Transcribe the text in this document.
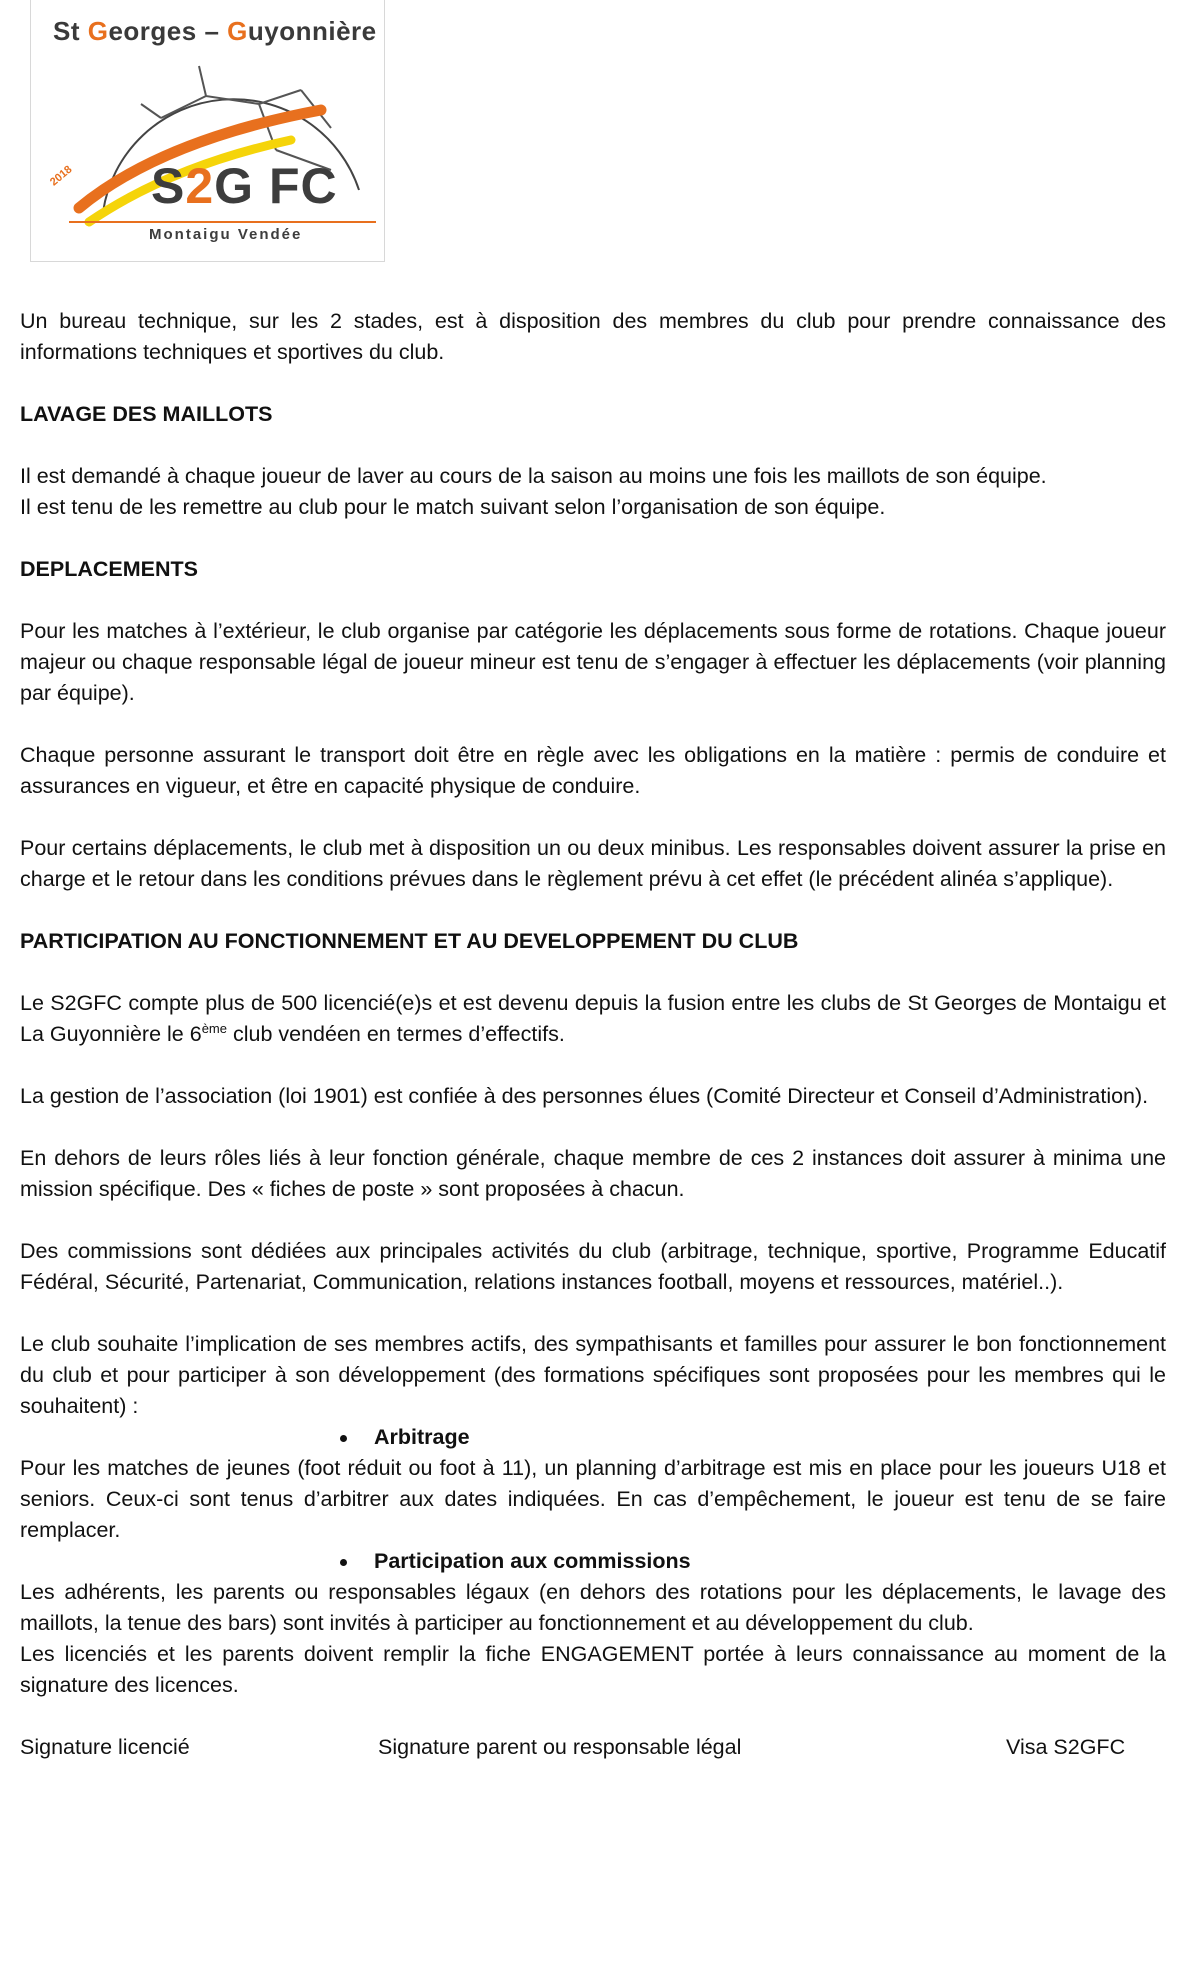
St Georges – Guyonnière
2018 S2G FC
Montaigu Vendée

Un bureau technique, sur les 2 stades, est à disposition des membres du club pour prendre connaissance des informations techniques et sportives du club.

LAVAGE DES MAILLOTS

Il est demandé à chaque joueur de laver au cours de la saison au moins une fois les maillots de son équipe.

Il est tenu de les remettre au club pour le match suivant selon l’organisation de son équipe.

DEPLACEMENTS

Pour les matches à l’extérieur, le club organise par catégorie les déplacements sous forme de rotations. Chaque joueur majeur ou chaque responsable légal de joueur mineur est tenu de s’engager à effectuer les déplacements (voir planning par équipe).

Chaque personne assurant le transport doit être en règle avec les obligations en la matière : permis de conduire et assurances en vigueur, et être en capacité physique de conduire.

Pour certains déplacements, le club met à disposition un ou deux minibus. Les responsables doivent assurer la prise en charge et le retour dans les conditions prévues dans le règlement prévu à cet effet (le précédent alinéa s’applique).

PARTICIPATION AU FONCTIONNEMENT ET AU DEVELOPPEMENT DU CLUB

Le S2GFC compte plus de 500 licencié(e)s et est devenu depuis la fusion entre les clubs de St Georges de Montaigu et La Guyonnière le 6ème club vendéen en termes d’effectifs.

La gestion de l’association (loi 1901) est confiée à des personnes élues (Comité Directeur et Conseil d’Administration).

En dehors de leurs rôles liés à leur fonction générale, chaque membre de ces 2 instances doit assurer à minima une mission spécifique. Des « fiches de poste » sont proposées à chacun.

Des commissions sont dédiées aux principales activités du club (arbitrage, technique, sportive, Programme Educatif Fédéral, Sécurité, Partenariat, Communication, relations instances football, moyens et ressources, matériel..).

Le club souhaite l’implication de ses membres actifs, des sympathisants et familles pour assurer le bon fonctionnement du club et pour participer à son développement (des formations spécifiques sont proposées pour les membres qui le souhaitent) :

Arbitrage

Pour les matches de jeunes (foot réduit ou foot à 11), un planning d’arbitrage est mis en place pour les joueurs U18 et seniors. Ceux-ci sont tenus d’arbitrer aux dates indiquées. En cas d’empêchement, le joueur est tenu de se faire remplacer.

Participation aux commissions

Les adhérents, les parents ou responsables légaux (en dehors des rotations pour les déplacements, le lavage des maillots, la tenue des bars) sont invités à participer au fonctionnement et au développement du club.

Les licenciés et les parents doivent remplir la fiche ENGAGEMENT portée à leurs connaissance au moment de la signature des licences.

Signature licencié	Signature parent ou responsable légal	Visa S2GFC
